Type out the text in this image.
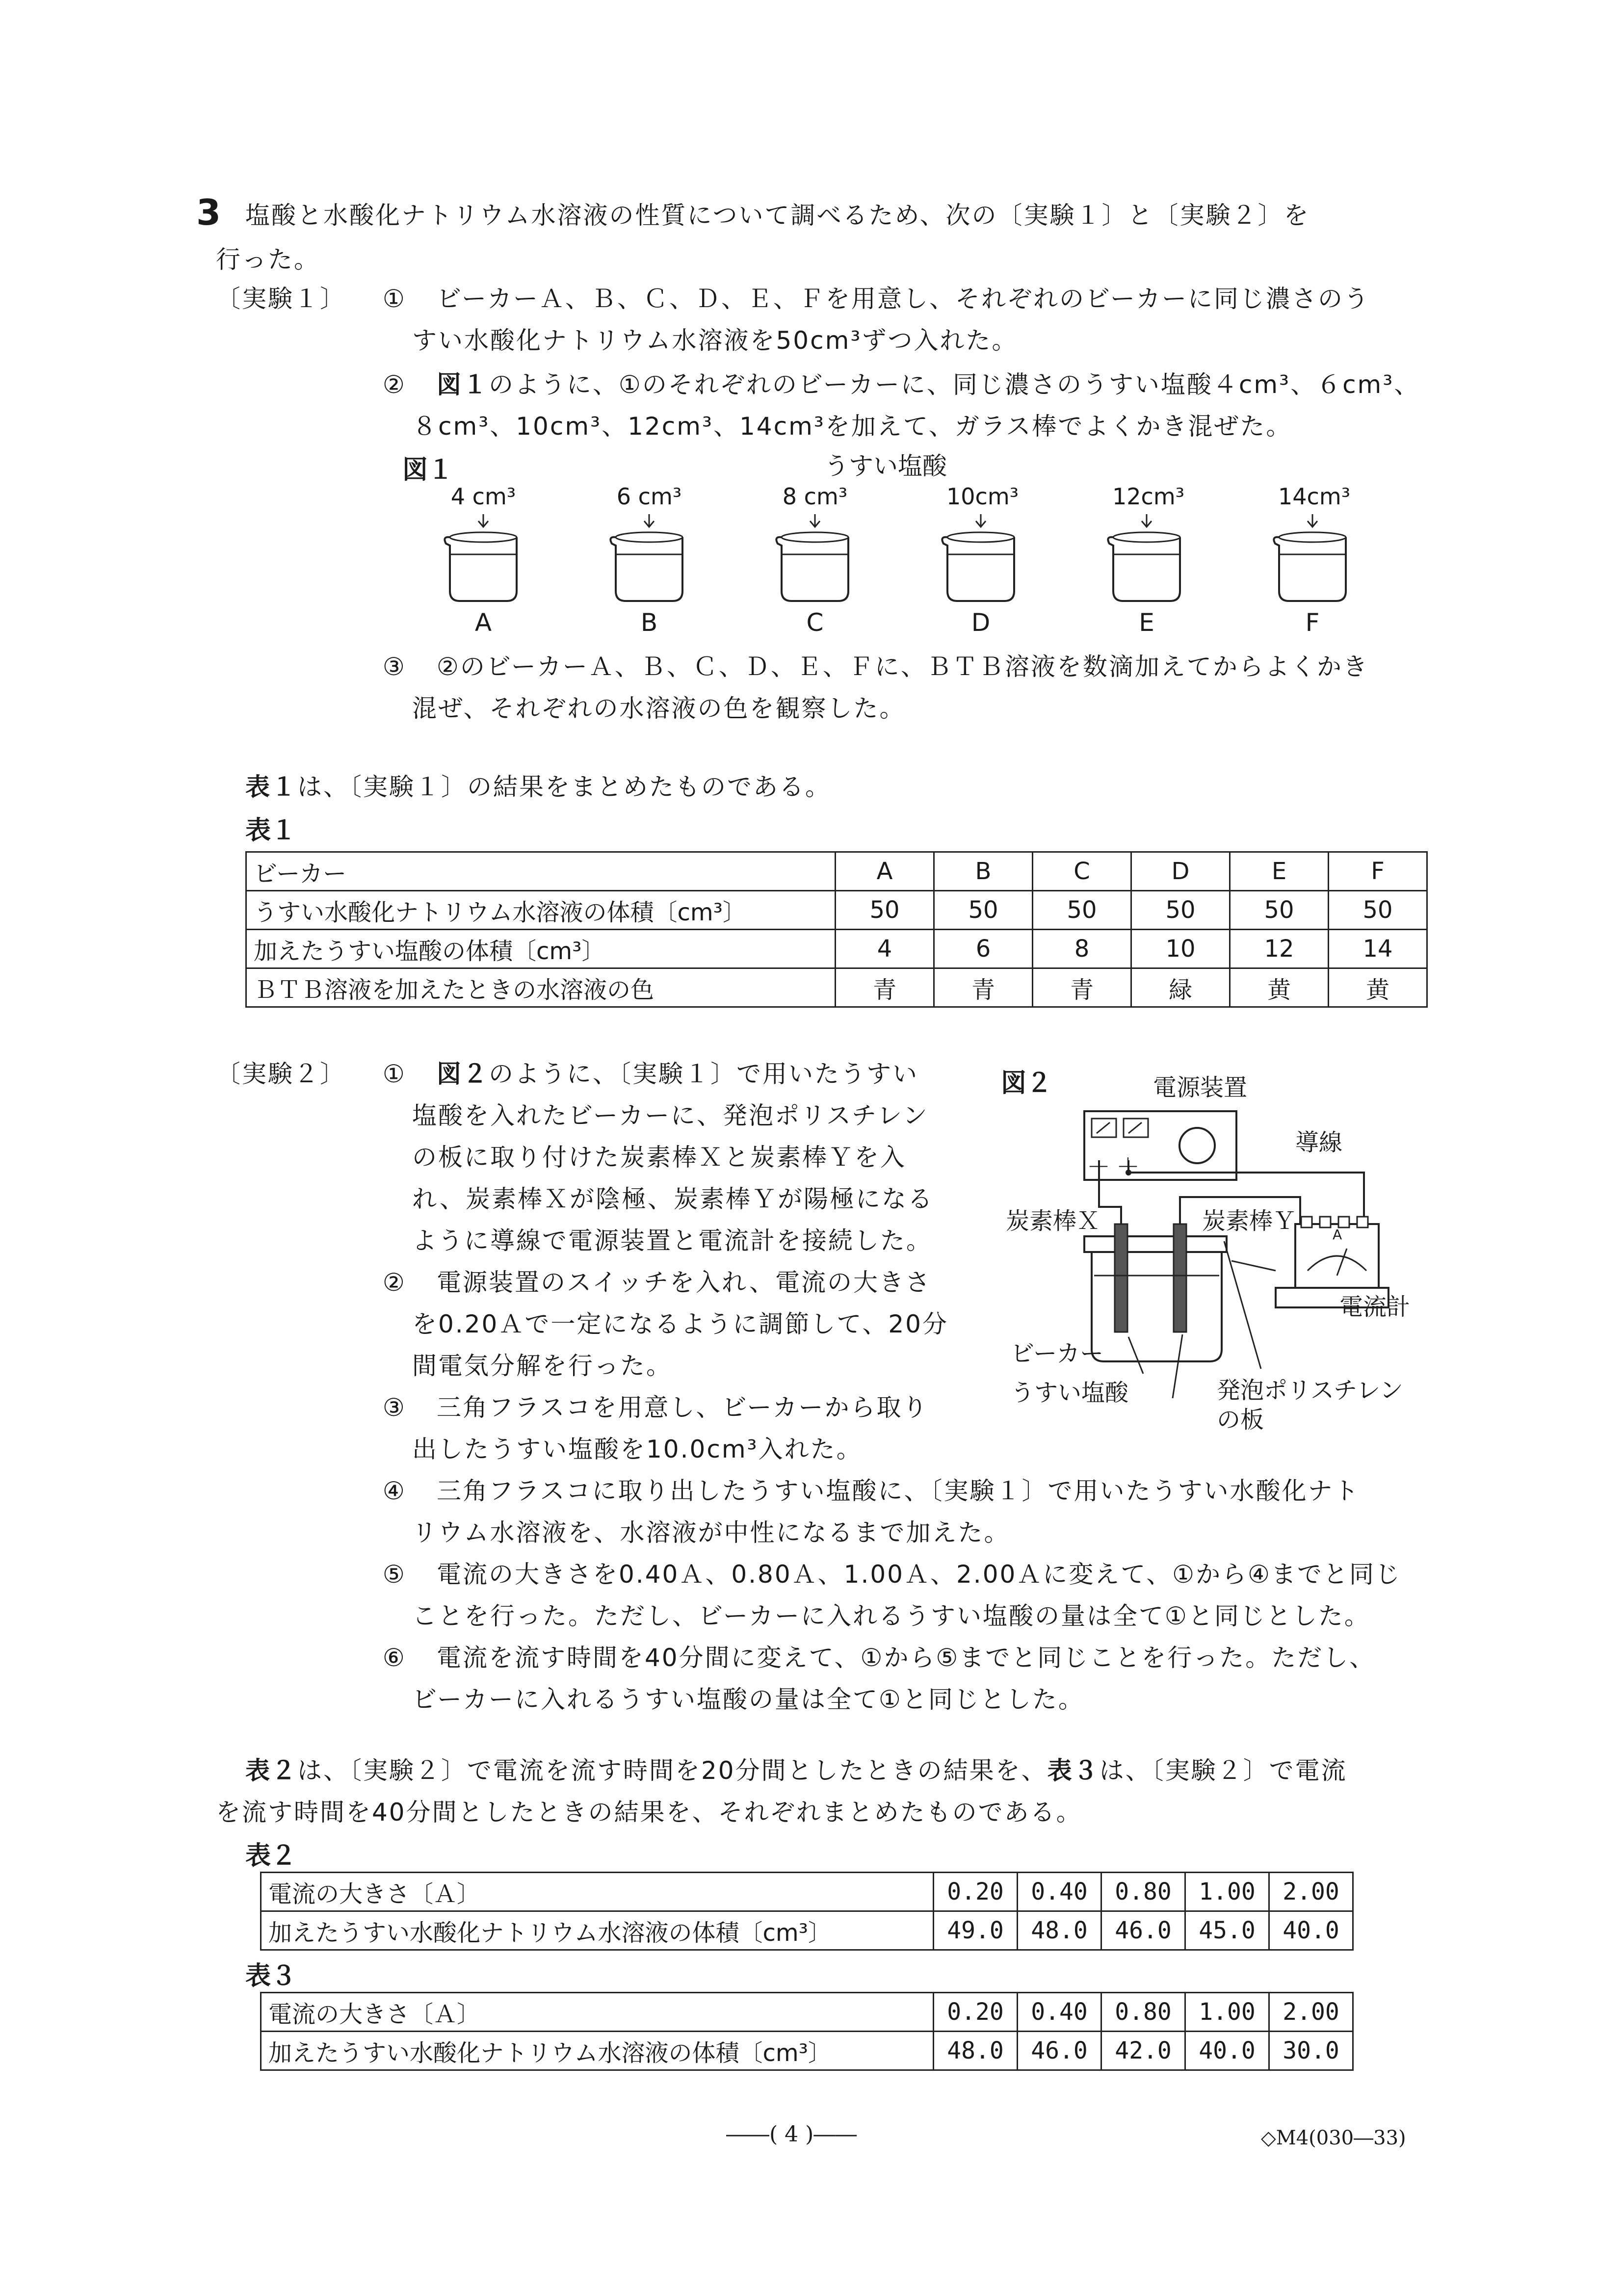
3 塩酸と水酸化ナトリウム水溶液の性質について調べるため、次の〔実験１〕と〔実験２〕を
行った。
〔実験１〕 ① ビーカーＡ、Ｂ、Ｃ、Ｄ、Ｅ、Ｆを用意し、それぞれのビーカーに同じ濃さのう
すい水酸化ナトリウム水溶液を50cm³ずつ入れた。
② 図１のように、①のそれぞれのビーカーに、同じ濃さのうすい塩酸４cm³、６cm³、
８cm³、10cm³、12cm³、14cm³を加えて、ガラス棒でよくかき混ぜた。
図１	うすい塩酸
4 cm³
A
6 cm³
B
8 cm³
C
10cm³
D
12cm³
E
14cm³
F
③ ②のビーカーＡ、Ｂ、Ｃ、Ｄ、Ｅ、Ｆに、ＢＴＢ溶液を数滴加えてからよくかき
混ぜ、それぞれの水溶液の色を観察した。
表１は、〔実験１〕の結果をまとめたものである。
表１
ビーカー	A	B	C	D	E	F
うすい水酸化ナトリウム水溶液の体積〔cm³〕	50	50	50	50	50	50
加えたうすい塩酸の体積〔cm³〕	4	6	8	10	12	14
ＢＴＢ溶液を加えたときの水溶液の色	青	青	青	緑	黄	黄
〔実験２〕 ① 図２のように、〔実験１〕で用いたうすい
塩酸を入れたビーカーに、発泡ポリスチレン
の板に取り付けた炭素棒Ｘと炭素棒Ｙを入
れ、炭素棒Ｘが陰極、炭素棒Ｙが陽極になる
ように導線で電源装置と電流計を接続した。
② 電源装置のスイッチを入れ、電流の大きさ
を0.20Ａで一定になるように調節して、20分
間電気分解を行った。
③ 三角フラスコを用意し、ビーカーから取り
出したうすい塩酸を10.0cm³入れた。
④ 三角フラスコに取り出したうすい塩酸に、〔実験１〕で用いたうすい水酸化ナト
リウム水溶液を、水溶液が中性になるまで加えた。
⑤ 電流の大きさを0.40Ａ、0.80Ａ、1.00Ａ、2.00Ａに変えて、①から④までと同じ
ことを行った。ただし、ビーカーに入れるうすい塩酸の量は全て①と同じとした。
⑥ 電流を流す時間を40分間に変えて、①から⑤までと同じことを行った。ただし、
ビーカーに入れるうすい塩酸の量は全て①と同じとした。
図２	電源装置
－ ＋
導線
炭素棒Ｘ	炭素棒Ｙ	A
電流計
ビーカー
うすい塩酸	発泡ポリスチレン
の板
表２は、〔実験２〕で電流を流す時間を20分間としたときの結果を、表３は、〔実験２〕で電流
を流す時間を40分間としたときの結果を、それぞれまとめたものである。
表２
電流の大きさ〔Ａ〕	0.20	0.40	0.80	1.00	2.00
加えたうすい水酸化ナトリウム水溶液の体積〔cm³〕	49.0	48.0	46.0	45.0	40.0
表３
電流の大きさ〔Ａ〕	0.20	0.40	0.80	1.00	2.00
加えたうすい水酸化ナトリウム水溶液の体積〔cm³〕	48.0	46.0	42.0	40.0	30.0
――( 4 )――	◇M4(030―33)
